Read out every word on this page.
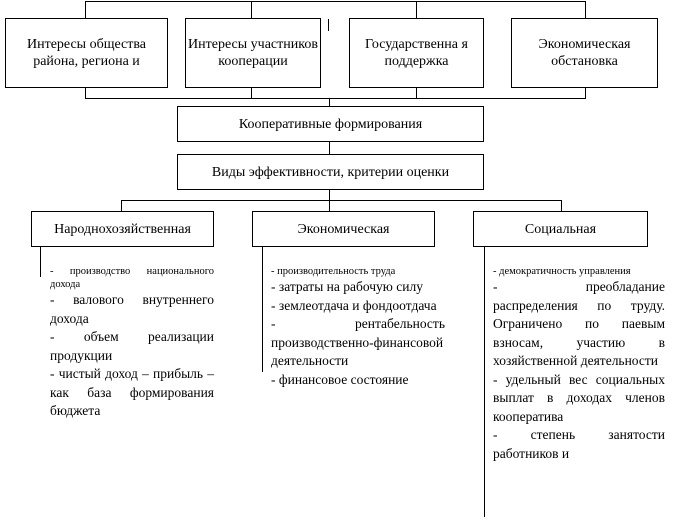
Интересы общества района, региона и
Интересы участников кооперации
Государственна я поддержка
Экономическая обстановка
Кооперативные формирования
Виды эффективности, критерии оценки
Народнохозяйственная	Экономическая	Социальная

- производство национального дохода

- валового внутреннего дохода

- объем реализации продукции

- чистый доход – прибыль – как база формирования бюджета

- производительность труда

- затраты на рабочую силу

- землеотдача и фондоотдача

- рентабельность производственно-финансовой деятельности

- финансовое состояние

- демократичность управления

- преобладание распределения по труду. Ограничено по паевым взносам, участию в хозяйственной деятельности

- удельный вес социальных выплат в доходах членов кооператива

- степень занятости работников и
